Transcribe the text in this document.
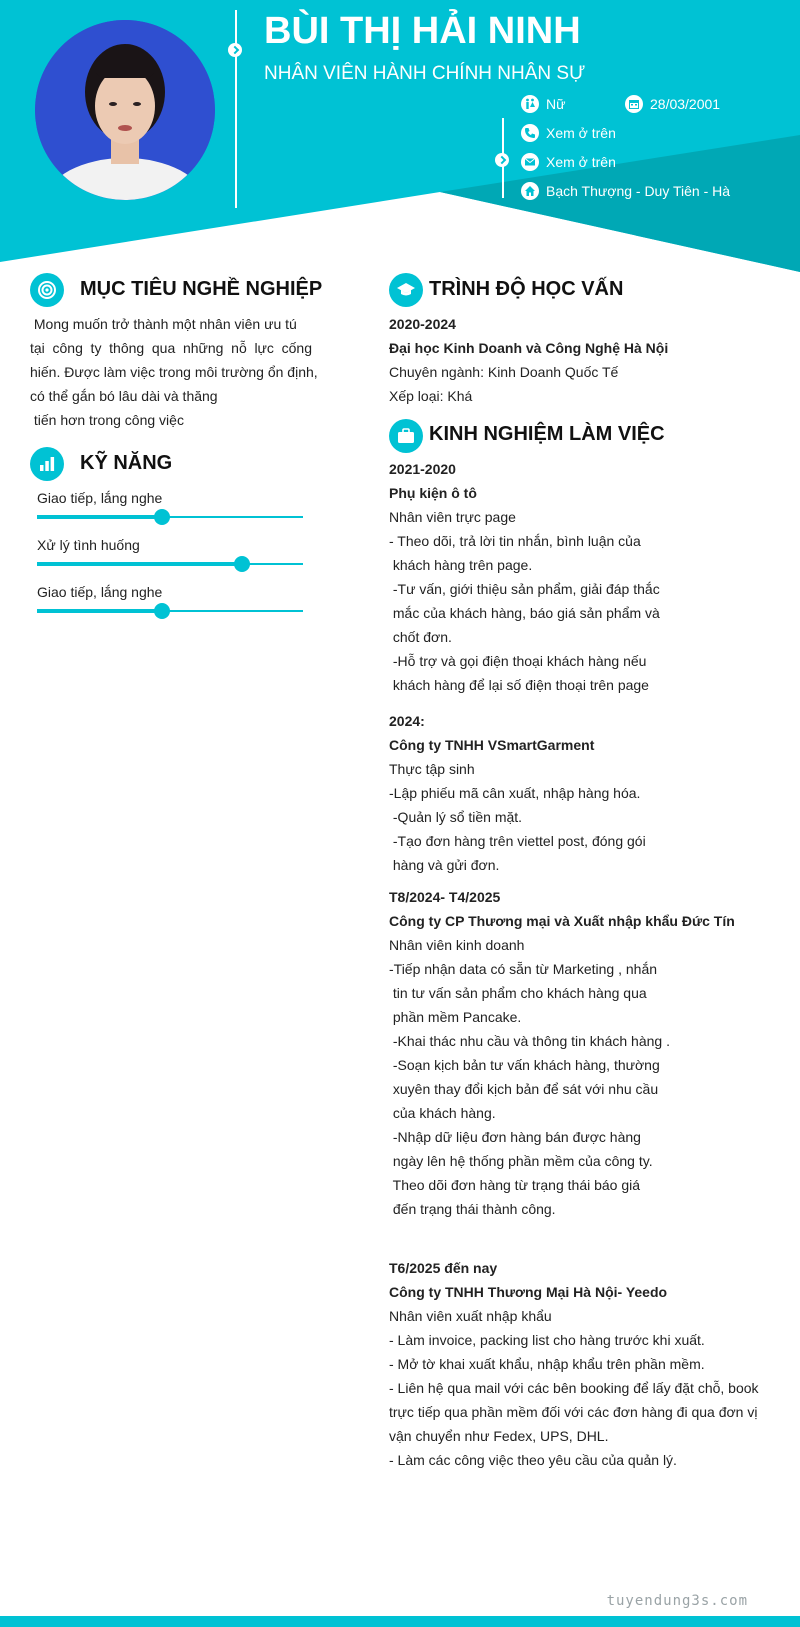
BÙI THỊ HẢI NINH
NHÂN VIÊN HÀNH CHÍNH NHÂN SỰ
Nữ	28/03/2001
Xem ở trên
Xem ở trên
Bạch Thượng - Duy Tiên - Hà
MỤC TIÊU NGHỀ NGHIỆP
Mong muốn trở thành một nhân viên ưu tú
tại công ty thông qua những nỗ lực cống
hiến. Được làm việc trong môi trường ổn định,
có thể gắn bó lâu dài và thăng
tiến hơn trong công việc
KỸ NĂNG
Giao tiếp, lắng nghe
Xử lý tình huống
Giao tiếp, lắng nghe
TRÌNH ĐỘ HỌC VẤN
2020-2024
Đại học Kinh Doanh và Công Nghệ Hà Nội
Chuyên ngành: Kinh Doanh Quốc Tế
Xếp loại: Khá
KINH NGHIỆM LÀM VIỆC
2021-2020
Phụ kiện ô tô
Nhân viên trực page
- Theo dõi, trả lời tin nhắn, bình luận của
khách hàng trên page.
-Tư vấn, giới thiệu sản phẩm, giải đáp thắc
mắc của khách hàng, báo giá sản phẩm và
chốt đơn.
-Hỗ trợ và gọi điện thoại khách hàng nếu
khách hàng để lại số điện thoại trên page
2024:
Công ty TNHH VSmartGarment
Thực tập sinh
-Lập phiếu mã cân xuất, nhập hàng hóa.
-Quản lý sổ tiền mặt.
-Tạo đơn hàng trên viettel post, đóng gói
hàng và gửi đơn.
T8/2024- T4/2025
Công ty CP Thương mại và Xuất nhập khẩu Đức Tín
Nhân viên kinh doanh
-Tiếp nhận data có sẵn từ Marketing , nhắn
tin tư vấn sản phẩm cho khách hàng qua
phần mềm Pancake.
-Khai thác nhu cầu và thông tin khách hàng .
-Soạn kịch bản tư vấn khách hàng, thường
xuyên thay đổi kịch bản để sát với nhu cầu
của khách hàng.
-Nhập dữ liệu đơn hàng bán được hàng
ngày lên hệ thống phần mềm của công ty.
Theo dõi đơn hàng từ trạng thái báo giá
đến trạng thái thành công.
T6/2025 đến nay
Công ty TNHH Thương Mại Hà Nội- Yeedo
Nhân viên xuất nhập khẩu
- Làm invoice, packing list cho hàng trước khi xuất.
- Mở tờ khai xuất khẩu, nhập khẩu trên phần mềm.
- Liên hệ qua mail với các bên booking để lấy đặt chỗ, book
trực tiếp qua phần mềm đối với các đơn hàng đi qua đơn vị
vận chuyển như Fedex, UPS, DHL.
- Làm các công việc theo yêu cầu của quản lý.
tuyendung3s.com
